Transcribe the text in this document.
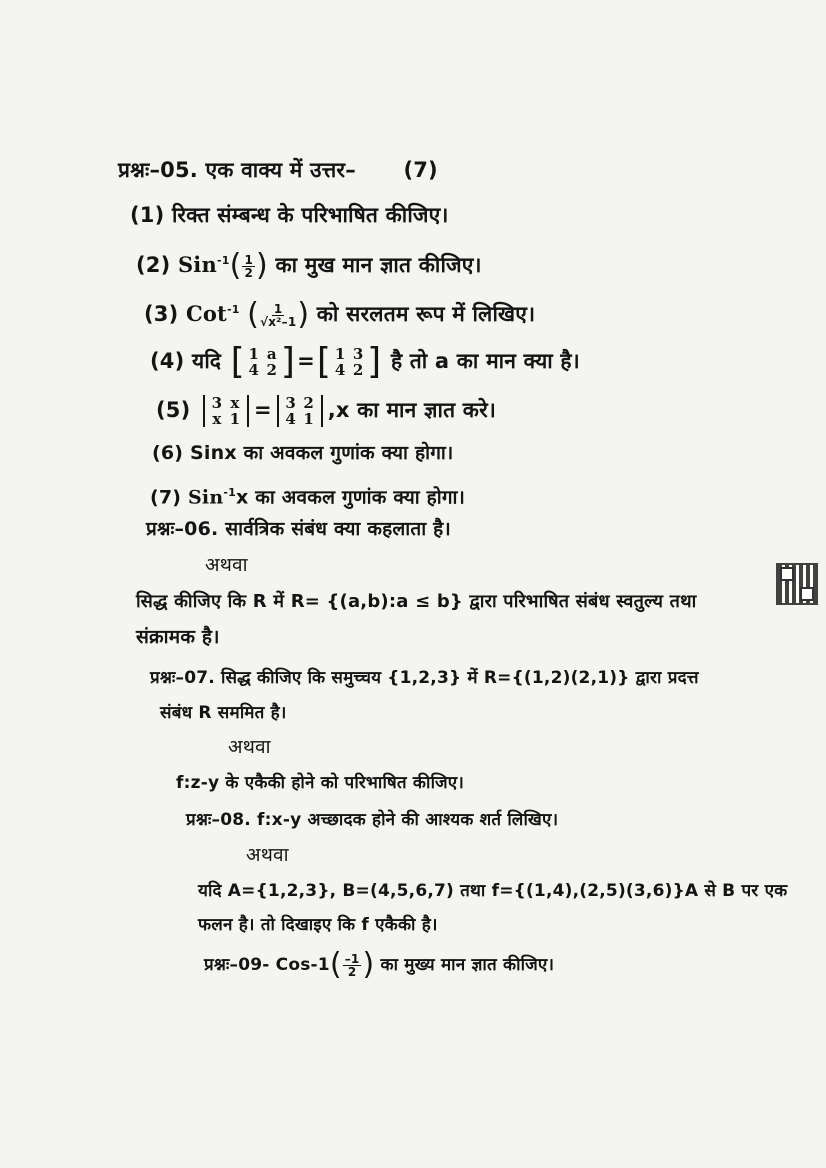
प्रश्नः–05. एक वाक्य में उत्तर– (7)
(1) रिक्त संम्बन्ध के परिभाषित कीजिए।
(2) $Sin^{-1}( \frac{1}{2}$ ) का मुख मान ज्ञात कीजिए।
(3) Cot$^{-1}$ ( $\frac{1}{\text{√x²–1}}$ ) को सरलतम रूप में लिखिए।
(4) यदि [ 1 a
4 2 ] = [ 1 3
4 2 ] है तो a का मान क्या है।
(5) 3 x
x 1 = 3 2
4 1 ,x का मान ज्ञात करे।
(6) Sinx का अवकल गुणांक क्या होगा।
(7) Sin$^{-1}$x का अवकल गुणांक क्या होगा।
प्रश्नः–06. सार्वत्रिक संबंध क्या कहलाता है।
अथवा
सिद्ध कीजिए कि R में R= {(a,b):a ≤ b} द्वारा परिभाषित संबंध स्वतुल्य तथा
संक्रामक है।
प्रश्नः–07. सिद्ध कीजिए कि समुच्चय {1,2,3} में R={(1,2)(2,1)} द्वारा प्रदत्त
संबंध R सममित है।
अथवा
f:z-y के एकैकी होने को परिभाषित कीजिए।
प्रश्नः–08. f:x-y अच्छादक होने की आश्यक शर्त लिखिए।
अथवा
यदि A={1,2,3}, B=(4,5,6,7) तथा f={(1,4),(2,5)(3,6)}A से B पर एक
फलन है। तो दिखाइए कि f एकैकी है।
प्रश्नः–09- $Cos-1( \frac{-1}{2}$ ) का मुख्य मान ज्ञात कीजिए।
